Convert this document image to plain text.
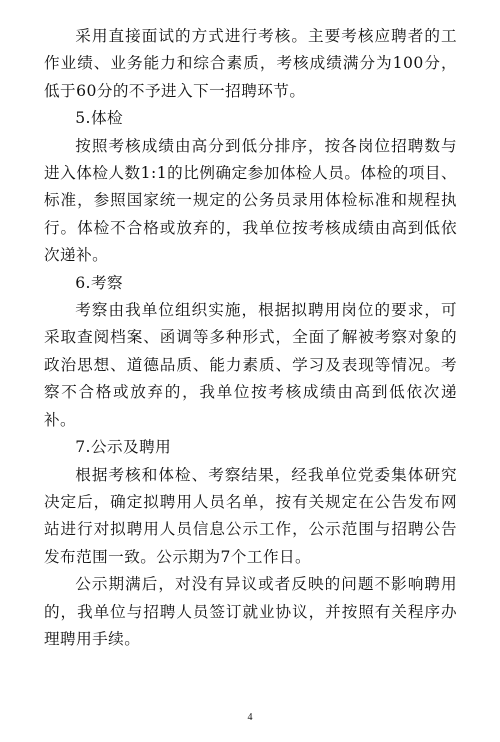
采用直接面试的方式进行考核。主要考核应聘者的工作业绩、业务能力和综合素质，考核成绩满分为100分，低于60分的不予进入下一招聘环节。

5.体检

按照考核成绩由高分到低分排序，按各岗位招聘数与进入体检人数1:1的比例确定参加体检人员。体检的项目、标准，参照国家统一规定的公务员录用体检标准和规程执行。体检不合格或放弃的，我单位按考核成绩由高到低依次递补。

6.考察

考察由我单位组织实施，根据拟聘用岗位的要求，可采取查阅档案、函调等多种形式，全面了解被考察对象的政治思想、道德品质、能力素质、学习及表现等情况。考察不合格或放弃的，我单位按考核成绩由高到低依次递补。

7.公示及聘用

根据考核和体检、考察结果，经我单位党委集体研究决定后，确定拟聘用人员名单，按有关规定在公告发布网站进行对拟聘用人员信息公示工作，公示范围与招聘公告发布范围一致。公示期为7个工作日。

公示期满后，对没有异议或者反映的问题不影响聘用的，我单位与招聘人员签订就业协议，并按照有关程序办理聘用手续。

4
